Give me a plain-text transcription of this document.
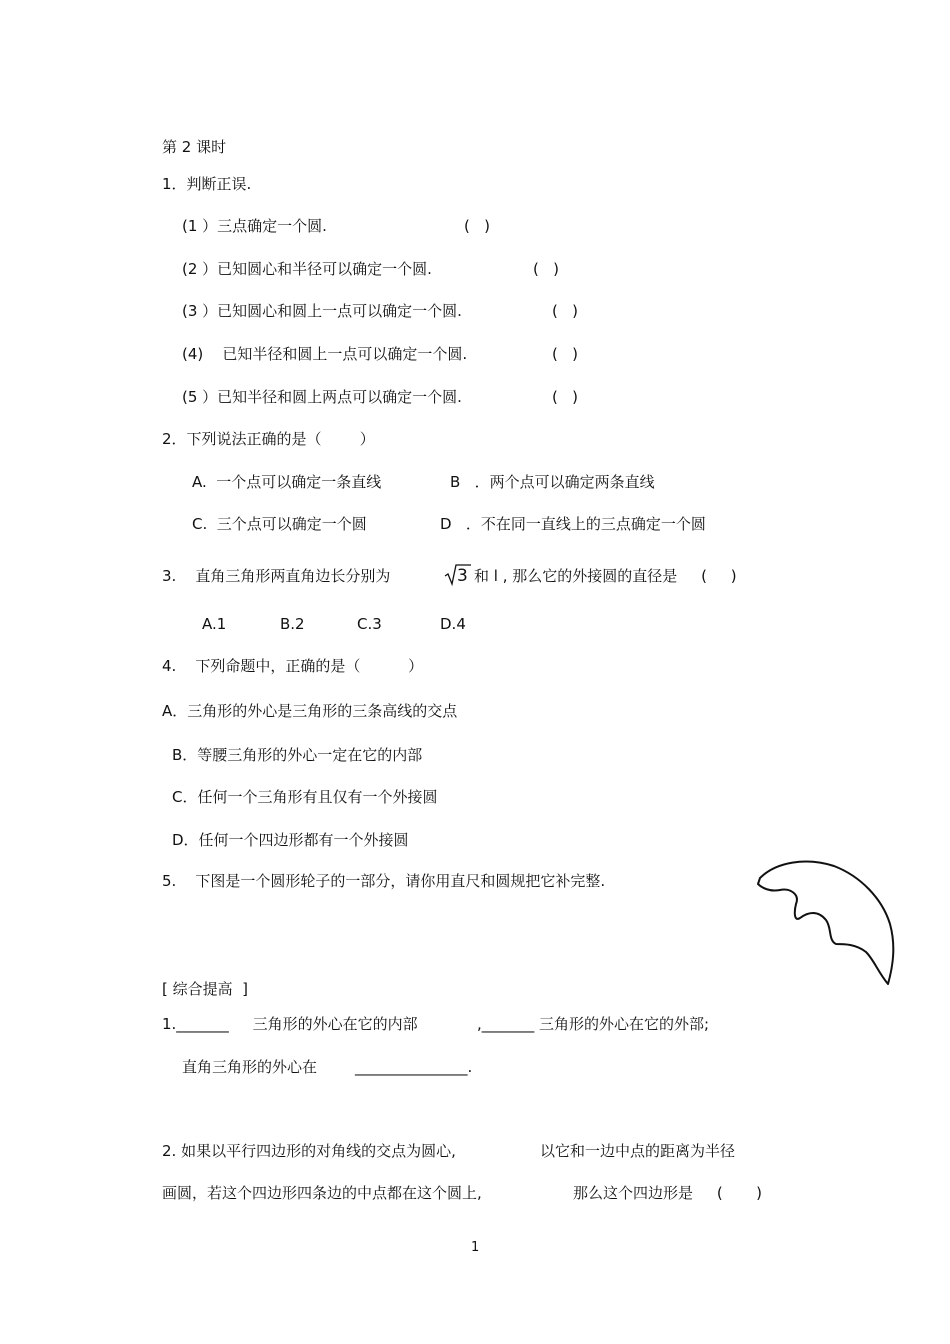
第 2 课时
1．判断正误.
(1 ）三点确定一个圆.	(   )
(2 ）已知圆心和半径可以确定一个圆.	(   )
(3 ）已知圆心和圆上一点可以确定一个圆.	(   )
(4)    已知半径和圆上一点可以确定一个圆.	(   )
(5 ）已知半径和圆上两点可以确定一个圆.	(   )
2．下列说法正确的是（        ）
A.  一个点可以确定一条直线	B   ．两个点可以确定两条直线
C.  三个点可以确定一个圆	D   ．不在同一直线上的三点确定一个圆
3.    直角三角形两直角边长分别为	3 和 l , 那么它的外接圆的直径是     (     )
A.1	B.2	C.3	D.4
4.    下列命题中，正确的是（          ）
A．三角形的外心是三角形的三条高线的交点
B．等腰三角形的外心一定在它的内部
C．任何一个三角形有且仅有一个外接圆
D．任何一个四边形都有一个外接圆
5.    下图是一个圆形轮子的一部分，请你用直尺和圆规把它补完整.
[ 综合提高  ]
1._______     三角形的外心在它的内部	,_______ 三角形的外心在它的外部;
直角三角形的外心在	_______________.
2. 如果以平行四边形的对角线的交点为圆心,	以它和一边中点的距离为半径
画圆，若这个四边形四条边的中点都在这个圆上,	那么这个四边形是     (       )
1
